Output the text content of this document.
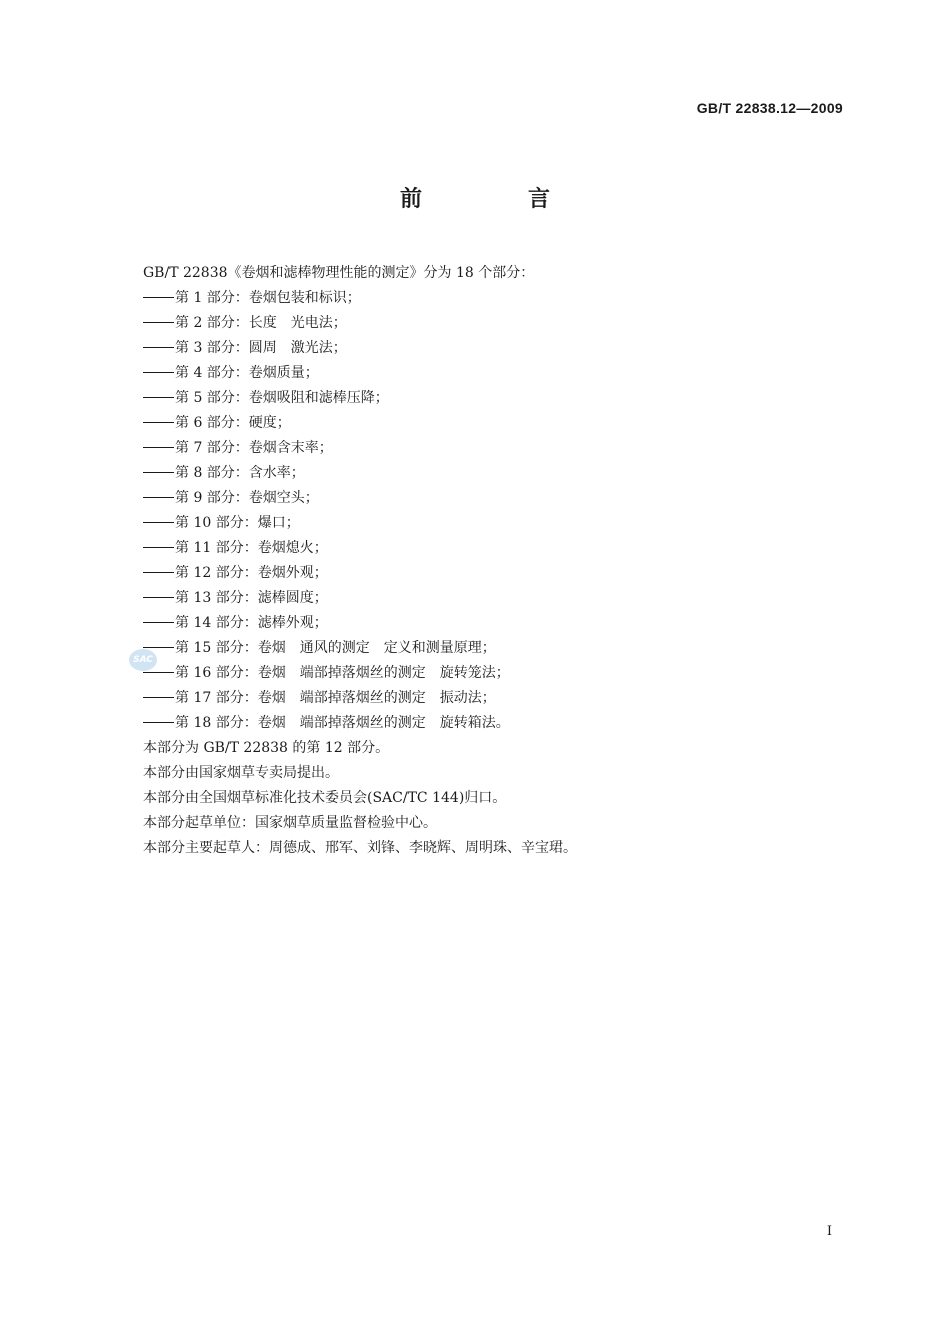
GB/T 22838.12—2009
前　言
SAC
GB/T 22838《卷烟和滤棒物理性能的测定》分为 18 个部分：
第 1 部分：卷烟包装和标识；
第 2 部分：长度　光电法；
第 3 部分：圆周　激光法；
第 4 部分：卷烟质量；
第 5 部分：卷烟吸阻和滤棒压降；
第 6 部分：硬度；
第 7 部分：卷烟含末率；
第 8 部分：含水率；
第 9 部分：卷烟空头；
第 10 部分：爆口；
第 11 部分：卷烟熄火；
第 12 部分：卷烟外观；
第 13 部分：滤棒圆度；
第 14 部分：滤棒外观；
第 15 部分：卷烟　通风的测定　定义和测量原理；
第 16 部分：卷烟　端部掉落烟丝的测定　旋转笼法；
第 17 部分：卷烟　端部掉落烟丝的测定　振动法；
第 18 部分：卷烟　端部掉落烟丝的测定　旋转箱法。
本部分为 GB/T 22838 的第 12 部分。
本部分由国家烟草专卖局提出。
本部分由全国烟草标准化技术委员会(SAC/TC 144)归口。
本部分起草单位：国家烟草质量监督检验中心。
本部分主要起草人：周德成、邢军、刘锋、李晓辉、周明珠、辛宝珺。
I
